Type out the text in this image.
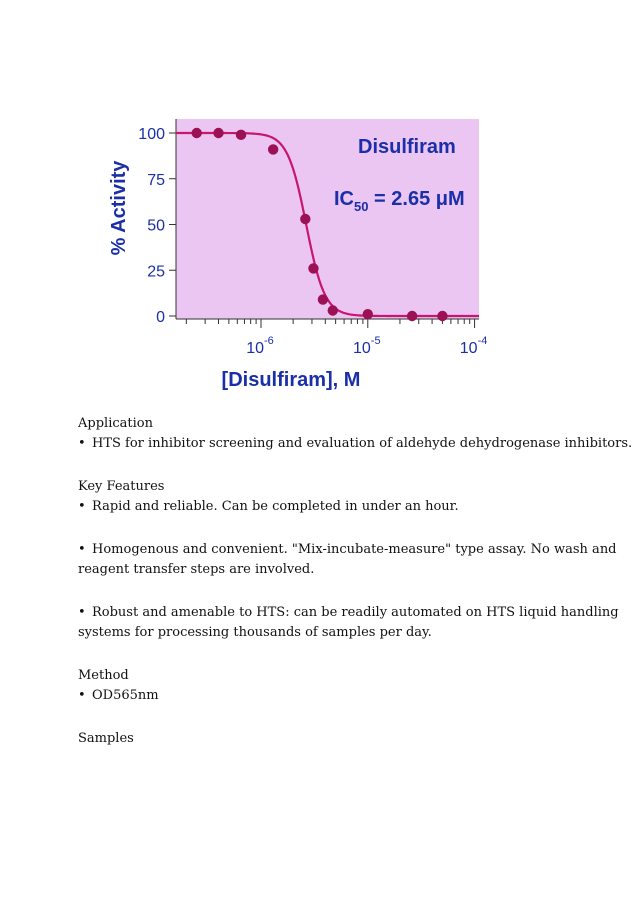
0
25
50
75
100
$10^{-6}$	$10^{-5}$	$10^{-4}$
[Disulfiram], M
% Activity
Disulfiram
$IC_{50} = 2.65$ μM
Application
• HTS for inhibitor screening and evaluation of aldehyde dehydrogenase inhibitors.
Key Features
• Rapid and reliable. Can be completed in under an hour.
• Homogenous and convenient. "Mix-incubate-measure" type assay. No wash and
reagent transfer steps are involved.
• Robust and amenable to HTS: can be readily automated on HTS liquid handling
systems for processing thousands of samples per day.
Method
• OD565nm
Samples
